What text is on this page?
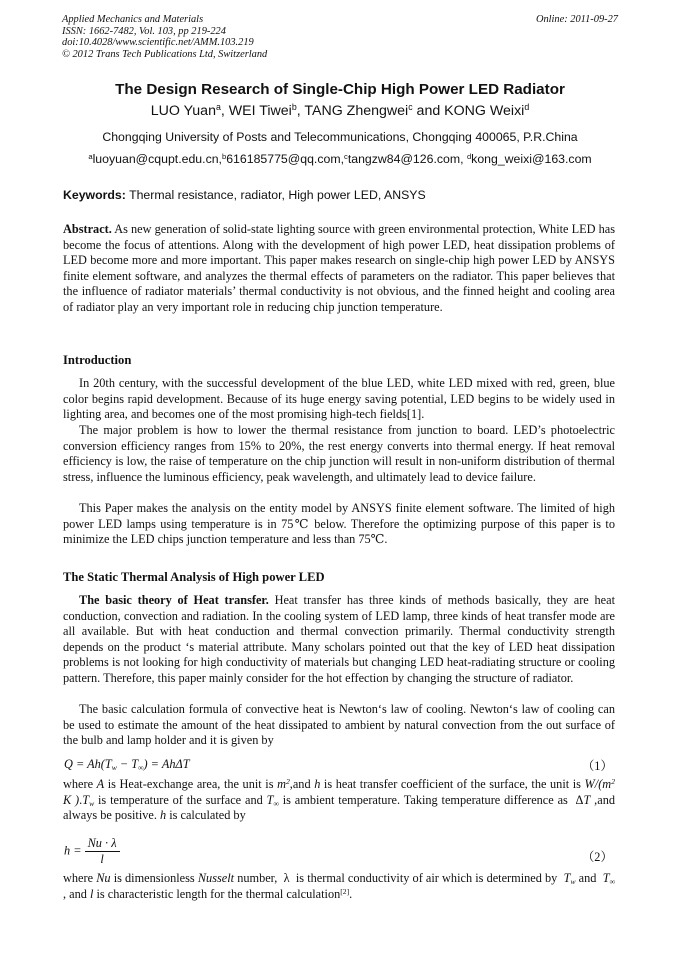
Applied Mechanics and Materials
ISSN: 1662-7482, Vol. 103, pp 219-224
doi:10.4028/www.scientific.net/AMM.103.219
© 2012 Trans Tech Publications Ltd, Switzerland
Online: 2011-09-27
The Design Research of Single-Chip High Power LED Radiator
LUO Yuan$^a$, WEI Tiwei$^b$, TANG Zhengwei$^c$ and KONG Weixi$^d$
Chongqing University of Posts and Telecommunications, Chongqing 400065, P.R.China
$^a$luoyuan@cqupt.edu.cn,$^b$616185775@qq.com,$^c$tangzw84@126.com, $^d$kong_weixi@163.com
Keywords: Thermal resistance, radiator, High power LED, ANSYS

Abstract. As new generation of solid-state lighting source with green environmental protection, White LED has become the focus of attentions. Along with the development of high power LED, heat dissipation problems of LED become more and more important. This paper makes research on single-chip high power LED by ANSYS finite element software, and analyzes the thermal effects of parameters on the radiator. This paper believes that the influence of radiator materials’ thermal conductivity is not obvious, and the finned height and cooling area of radiator play an very important role in reducing chip junction temperature.

Introduction

In 20th century, with the successful development of the blue LED, white LED mixed with red, green, blue color begins rapid development. Because of its huge energy saving potential, LED begins to be widely used in lighting area, and becomes one of the most promising high-tech fields[1].

The major problem is how to lower the thermal resistance from junction to board. LED’s photoelectric conversion efficiency ranges from 15% to 20%, the rest energy converts into thermal energy. If heat removal efficiency is low, the raise of temperature on the chip junction will result in non-uniform distribution of thermal stress, influence the luminous efficiency, peak wavelength, and ultimately lead to device failure.

This Paper makes the analysis on the entity model by ANSYS finite element software. The limited of high power LED lamps using temperature is in 75℃ below. Therefore the optimizing purpose of this paper is to minimize the LED chips junction temperature and less than 75℃.

The Static Thermal Analysis of High power LED

The basic theory of Heat transfer. Heat transfer has three kinds of methods basically, they are heat conduction, convection and radiation. In the cooling system of LED lamp, three kinds of heat transfer mode are all available. But with heat conduction and thermal convection primarily. Thermal conductivity strength depends on the product ‘s material attribute. Many scholars pointed out that the key of LED heat dissipation problems is not looking for high conductivity of materials but changing LED heat-radiating structure or cooling pattern. Therefore, this paper mainly consider for the hot effection by changing the structure of radiator.

The basic calculation formula of convective heat is Newton‘s law of cooling. Newton‘s law of cooling can be used to estimate the amount of the heat dissipated to ambient by natural convection from the out surface of the bulb and lamp holder and it is given by

$Q = Ah(T_w - T_\infty) = Ah\Delta T$	（1）

where A is Heat-exchange area, the unit is $m^2,and$ h is heat transfer coefficient of the surface, the unit is $W/(m^2$ K )$.T_w$ is temperature of the surface and $T_\infty$ is ambient temperature. Taking temperature difference as  ΔT ,and always be positive. h is calculated by

$h = \frac{Nu \cdot \lambda}{l}$	（2）

where Nu is dimensionless Nusselt number,  λ  is thermal conductivity of air which is determined by  $T_w$ and  $T_\infty$ , and l is characteristic length for the thermal calculation[2].
